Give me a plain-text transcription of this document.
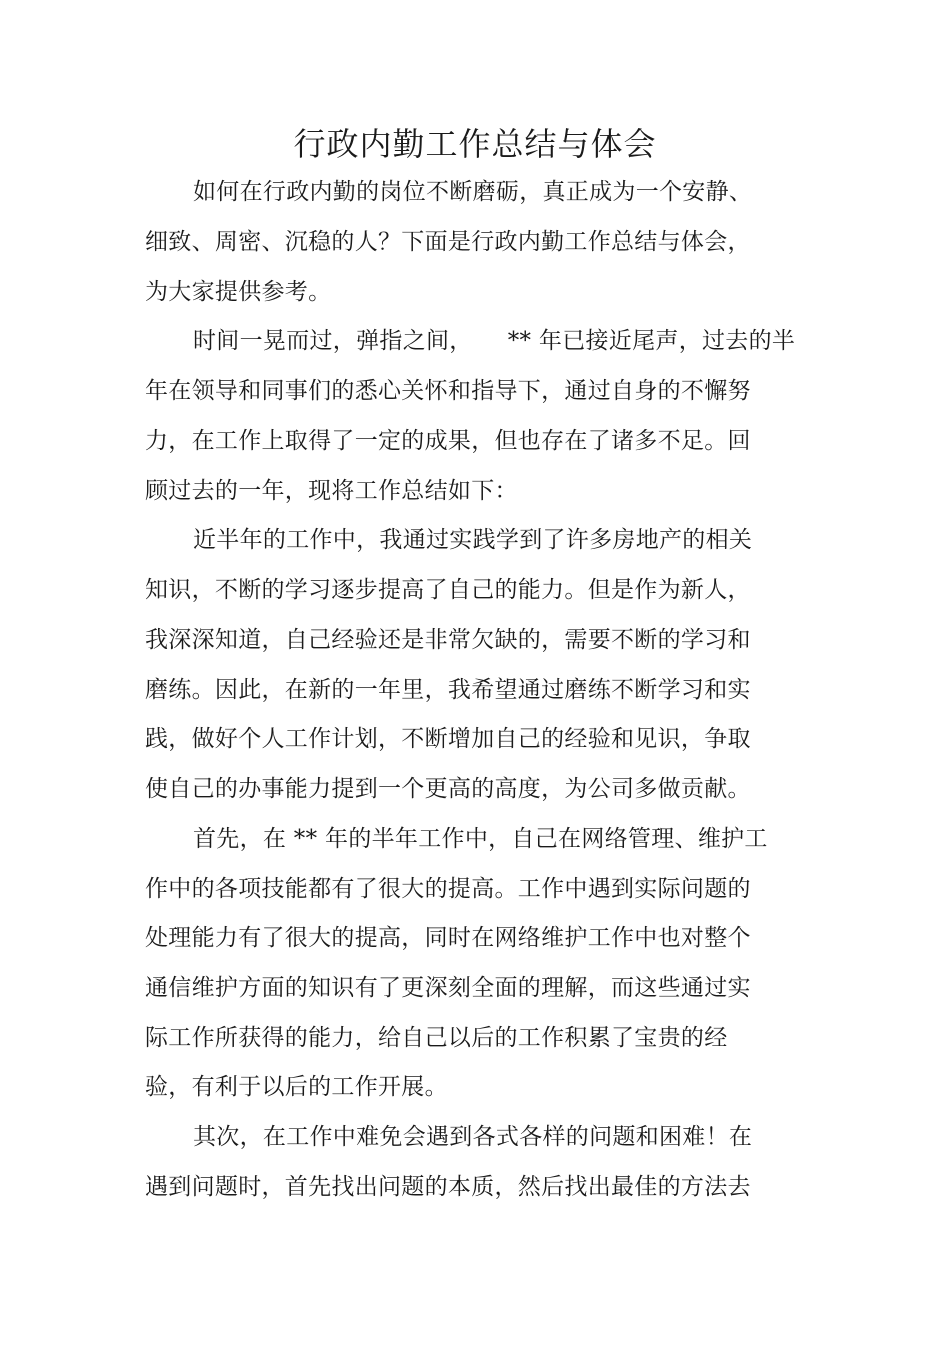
行政内勤工作总结与体会
如何在行政内勤的岗位不断磨砺，真正成为一个安静、
细致、周密、沉稳的人？下面是行政内勤工作总结与体会，
为大家提供参考。
时间一晃而过，弹指之间，　　** 年已接近尾声，过去的半
年在领导和同事们的悉心关怀和指导下，通过自身的不懈努
力，在工作上取得了一定的成果，但也存在了诸多不足。回
顾过去的一年，现将工作总结如下：
近半年的工作中，我通过实践学到了许多房地产的相关
知识，不断的学习逐步提高了自己的能力。但是作为新人，
我深深知道，自己经验还是非常欠缺的，需要不断的学习和
磨练。因此，在新的一年里，我希望通过磨练不断学习和实
践，做好个人工作计划，不断增加自己的经验和见识，争取
使自己的办事能力提到一个更高的高度，为公司多做贡献。
首先，在 ** 年的半年工作中，自己在网络管理、维护工
作中的各项技能都有了很大的提高。工作中遇到实际问题的
处理能力有了很大的提高，同时在网络维护工作中也对整个
通信维护方面的知识有了更深刻全面的理解，而这些通过实
际工作所获得的能力，给自己以后的工作积累了宝贵的经
验，有利于以后的工作开展。
其次，在工作中难免会遇到各式各样的问题和困难！在
遇到问题时，首先找出问题的本质，然后找出最佳的方法去
